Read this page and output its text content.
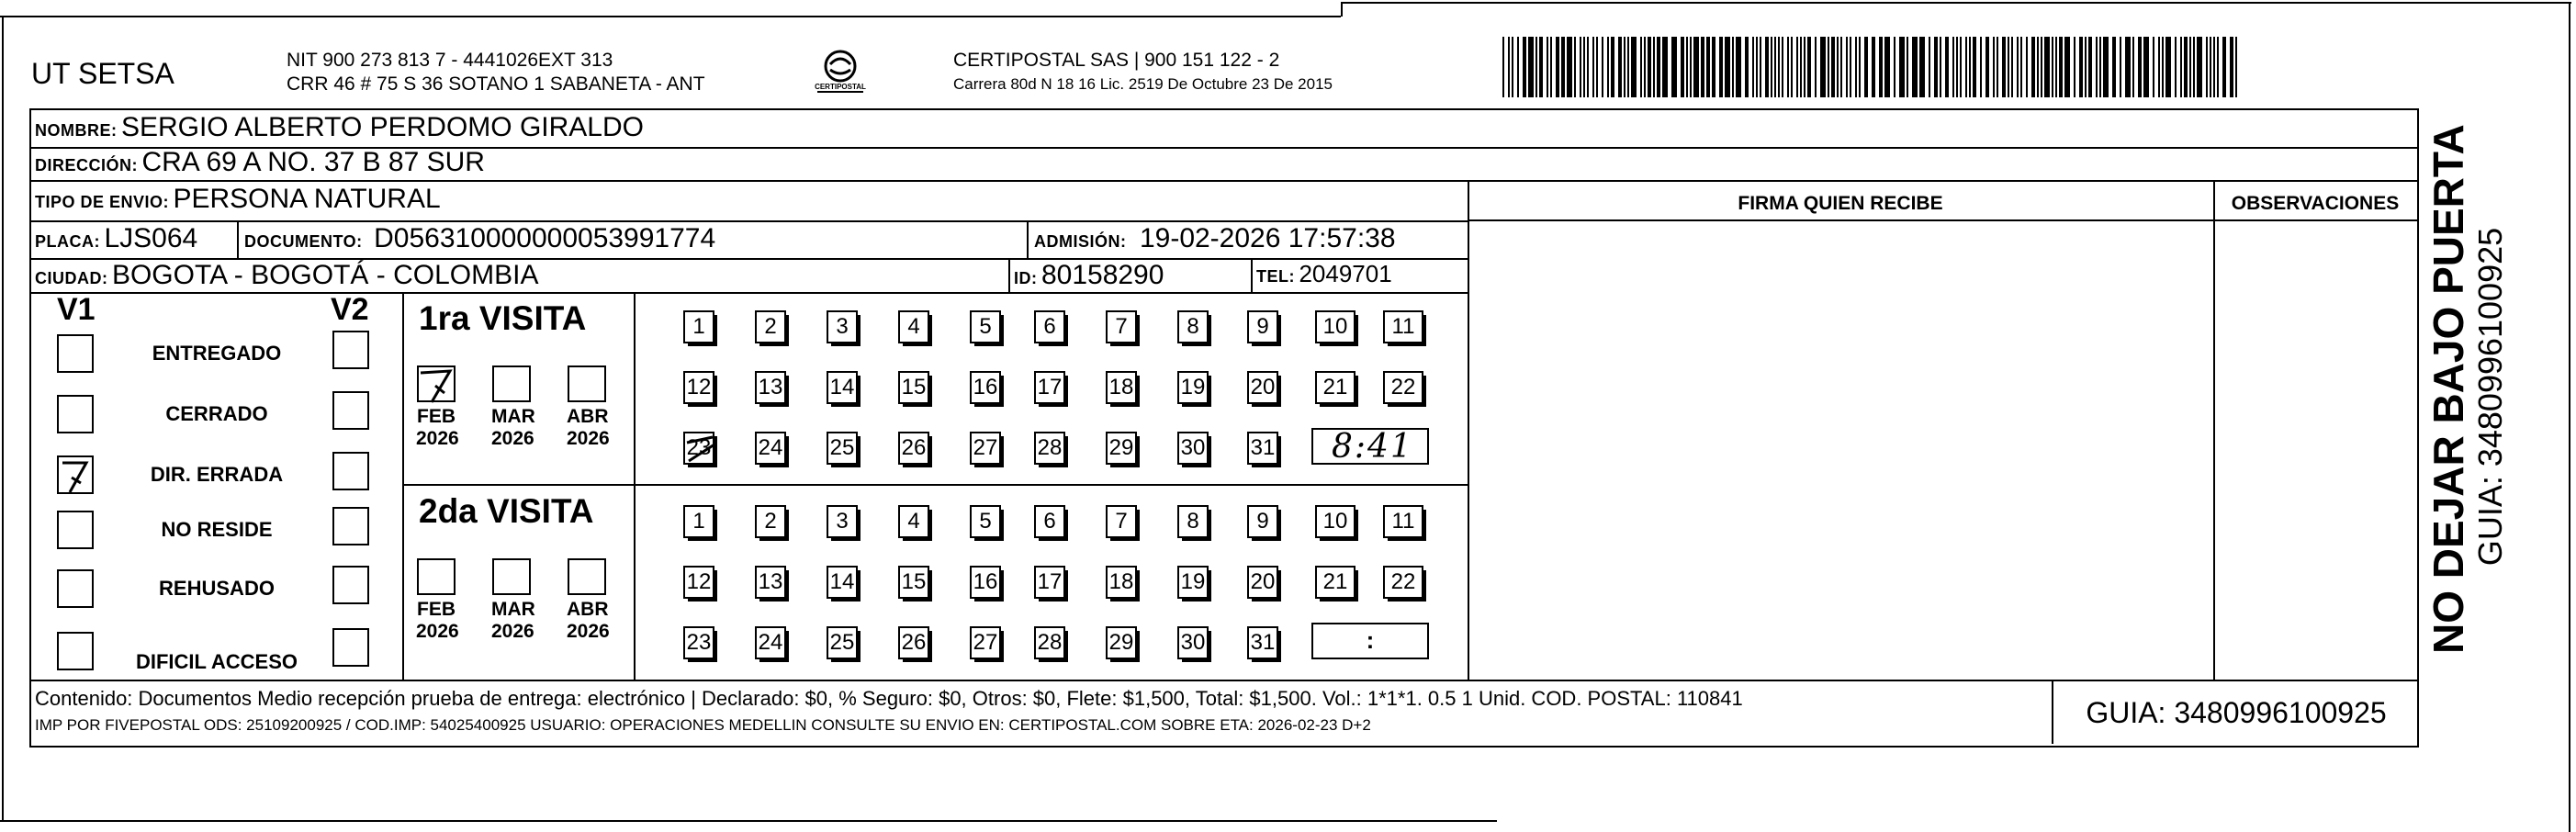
UT SETSA	NIT 900 273 813 7 - 4441026EXT 313
CRR 46 # 75 S 36 SOTANO 1 SABANETA - ANT	CERTIPOSTAL
CERTIPOSTAL SAS | 900 151 122 - 2
Carrera 80d N 18 16 Lic. 2519 De Octubre 23 De 2015
NOMBRE: SERGIO ALBERTO PERDOMO GIRALDO
DIRECCIÓN: CRA 69 A NO. 37 B 87 SUR
TIPO DE ENVIO: PERSONA NATURAL	FIRMA QUIEN RECIBE	OBSERVACIONES
PLACA: LJS064	DOCUMENTO: D056310000000053991774	ADMISIÓN: 19-02-2026 17:57:38
CIUDAD: BOGOTA - BOGOTÁ - COLOMBIA	ID: 80158290	TEL: 2049701
V1	V2
ENTREGADO
CERRADO
DIR. ERRADA
NO RESIDE
REHUSADO
DIFICIL ACCESO
1ra VISITA
2da VISITA
FEB
2026
MAR
2026
ABR
2026
FEB
2026
MAR
2026
ABR
2026
1	2	3	4	5 6	7	8	9 10 11
12 13 14 15 16 17 18 19 20 21 22
23 24 25 26 27 28 29 30 31
1	2	3	4	5 6	7	8	9 10 11
12 13 14 15 16 17 18 19 20 21 22
23 24 25 26 27 28 29 30 31
8:41
:
Contenido: Documentos Medio recepción prueba de entrega: electrónico | Declarado: $0, % Seguro: $0, Otros: $0, Flete: $1,500, Total: $1,500. Vol.: 1*1*1. 0.5 1 Unid. COD. POSTAL: 110841
IMP POR FIVEPOSTAL ODS: 25109200925 / COD.IMP: 54025400925 USUARIO: OPERACIONES MEDELLIN CONSULTE SU ENVIO EN: CERTIPOSTAL.COM SOBRE ETA: 2026-02-23 D+2	GUIA: 3480996100925
NO DEJAR BAJO PUERTA GUIA: 3480996100925
